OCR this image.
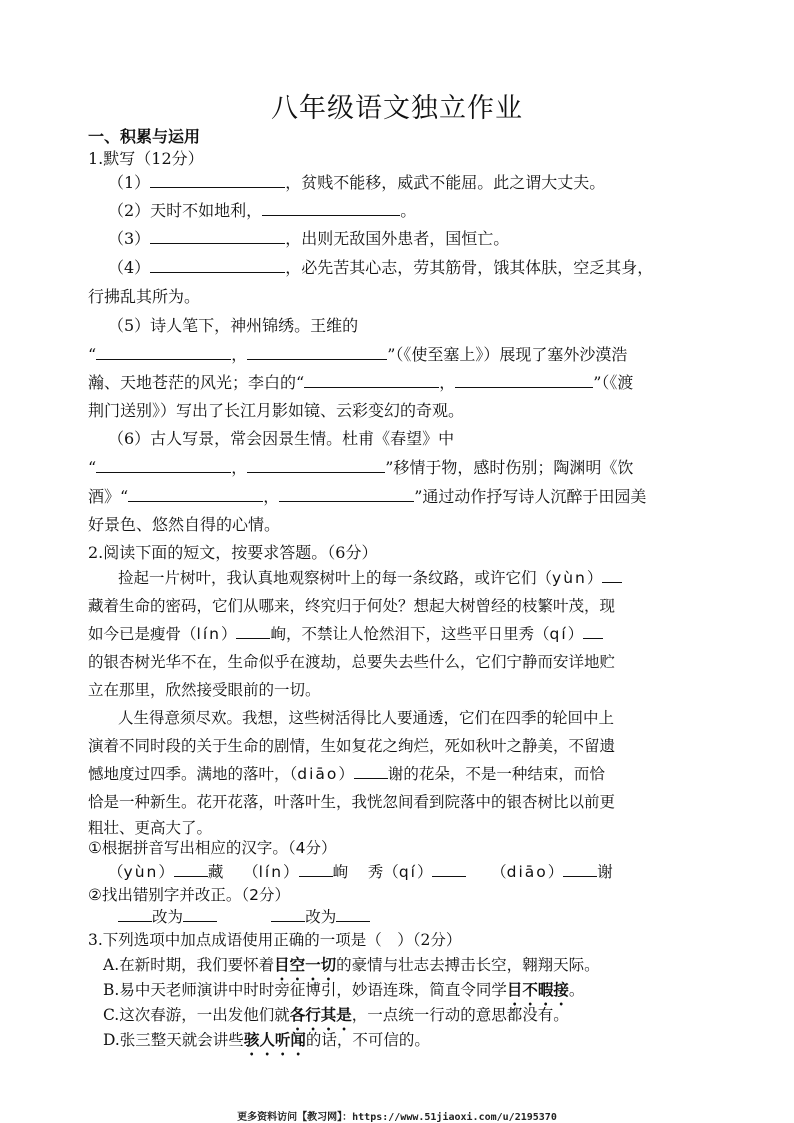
八年级语文独立作业
一、积累与运用
1.默写（12分）
（1）	，贫贱不能移，威武不能屈。此之谓大丈夫。
（2）天时不如地利，	。
（3）	，出则无敌国外患者，国恒亡。
（4）	，必先苦其心志，劳其筋骨，饿其体肤，空乏其身，
行拂乱其所为。
（5）诗人笔下，神州锦绣。王维的
“	，	”（《使至塞上》）展现了塞外沙漠浩
瀚、天地苍茫的风光；李白的“	，	”（《渡
荆门送别》）写出了长江月影如镜、云彩变幻的奇观。
（6）古人写景，常会因景生情。杜甫《春望》中
“	，	”移情于物，感时伤别；陶渊明《饮
酒》“	，	”通过动作抒写诗人沉醉于田园美
好景色、悠然自得的心情。
2.阅读下面的短文，按要求答题。（6分）
捡起一片树叶，我认真地观察树叶上的每一条纹路，或许它们（yùn）
藏着生命的密码，它们从哪来，终究归于何处？想起大树曾经的枝繁叶茂，现
如今已是瘦骨（lín） 峋，不禁让人怆然泪下，这些平日里秀（qí）
的银杏树光华不在，生命似乎在渡劫，总要失去些什么，它们宁静而安详地贮
立在那里，欣然接受眼前的一切。
人生得意须尽欢。我想，这些树活得比人要通透，它们在四季的轮回中上
演着不同时段的关于生命的剧情，生如复花之绚烂，死如秋叶之静美，不留遗
憾地度过四季。满地的落叶，（diāo） 谢的花朵，不是一种结束，而恰
恰是一种新生。花开花落，叶落叶生，我恍忽间看到院落中的银杏树比以前更
粗壮、更高大了。
①根据拼音写出相应的汉字。（4分）
（yùn） 藏 （lín） 峋 秀（qí）	（diāo） 谢
②找出错别字并改正。（2分）
改为	改为
3.下列选项中加点成语使用正确的一项是（　）（2分）
A.在新时期，我们要怀着目空一切的豪情与壮志去搏击长空，翱翔天际。
B.易中天老师演讲中时时旁征博引，妙语连珠，简直令同学目不暇接。
C.这次春游，一出发他们就各行其是，一点统一行动的意思都没有。
D.张三整天就会讲些骇人听闻的话，不可信的。
更多资料访问【教习网】：https://www.51jiaoxi.com/u/2195370
